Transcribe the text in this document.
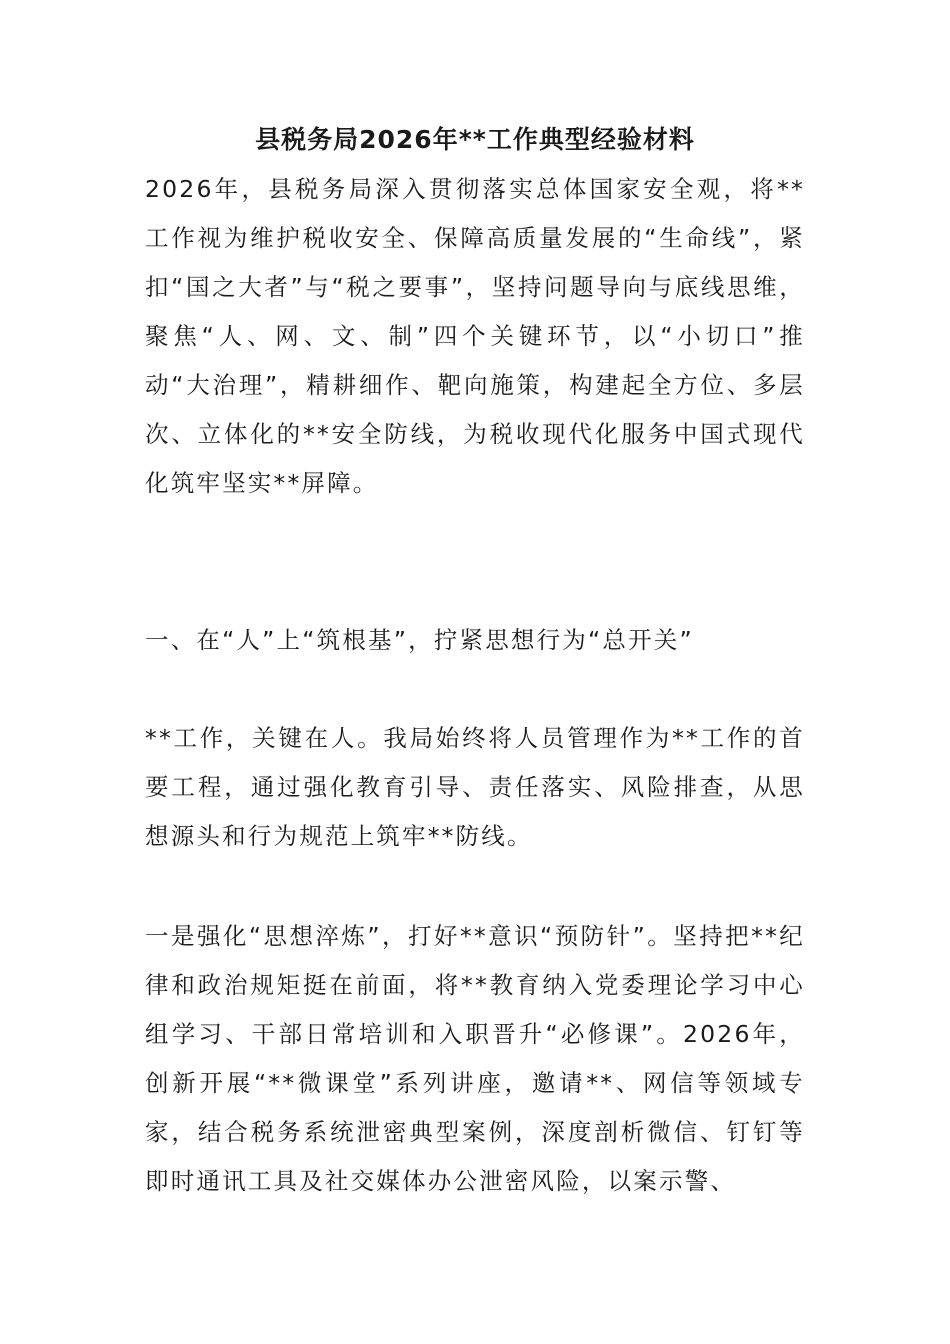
县税务局2026年**工作典型经验材料

2026年，县税务局深入贯彻落实总体国家安全观，将**工作视为维护税收安全、保障高质量发展的“生命线”，紧扣“国之大者”与“税之要事”，坚持问题导向与底线思维，聚焦“人、网、文、制”四个关键环节，以“小切口”推动“大治理”，精耕细作、靶向施策，构建起全方位、多层次、立体化的**安全防线，为税收现代化服务中国式现代化筑牢坚实**屏障。

一、在“人”上“筑根基”，拧紧思想行为“总开关”

**工作，关键在人。我局始终将人员管理作为**工作的首要工程，通过强化教育引导、责任落实、风险排查，从思想源头和行为规范上筑牢**防线。

一是强化“思想淬炼”，打好**意识“预防针”。坚持把**纪律和政治规矩挺在前面，将**教育纳入党委理论学习中心组学习、干部日常培训和入职晋升“必修课”。2026年，创新开展“**微课堂”系列讲座，邀请**、网信等领域专家，结合税务系统泄密典型案例，深度剖析微信、钉钉等即时通讯工具及社交媒体办公泄密风险，以案示警、
